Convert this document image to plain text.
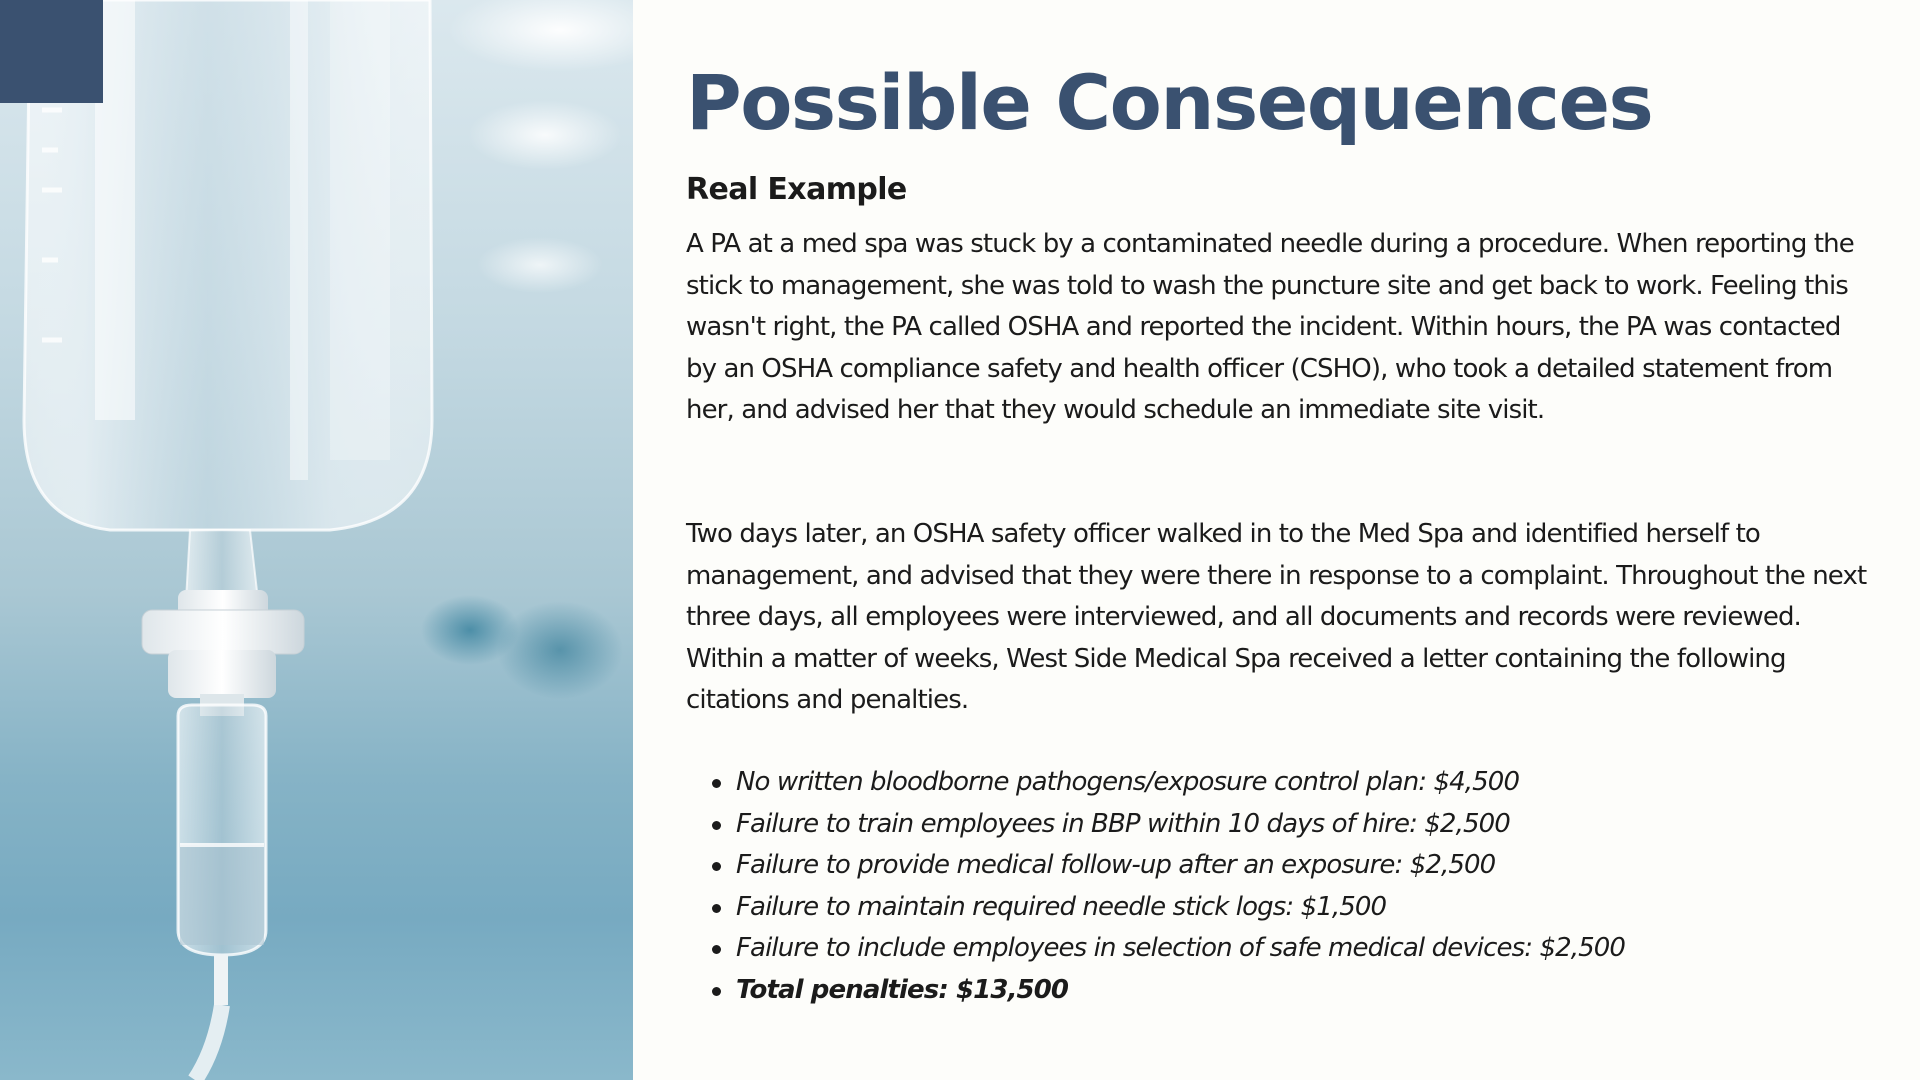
Possible Consequences
Real Example

A PA at a med spa was stuck by a contaminated needle during a procedure. When reporting the stick to management, she was told to wash the puncture site and get back to work. Feeling this wasn't right, the PA called OSHA and reported the incident. Within hours, the PA was contacted by an OSHA compliance safety and health officer (CSHO), who took a detailed statement from her, and advised her that they would schedule an immediate site visit.

Two days later, an OSHA safety officer walked in to the Med Spa and identified herself to management, and advised that they were there in response to a complaint. Throughout the next three days, all employees were interviewed, and all documents and records were reviewed. Within a matter of weeks, West Side Medical Spa received a letter containing the following citations and penalties.

No written bloodborne pathogens/exposure control plan: $4,500
Failure to train employees in BBP within 10 days of hire: $2,500
Failure to provide medical follow-up after an exposure: $2,500
Failure to maintain required needle stick logs: $1,500
Failure to include employees in selection of safe medical devices: $2,500
Total penalties: $13,500
